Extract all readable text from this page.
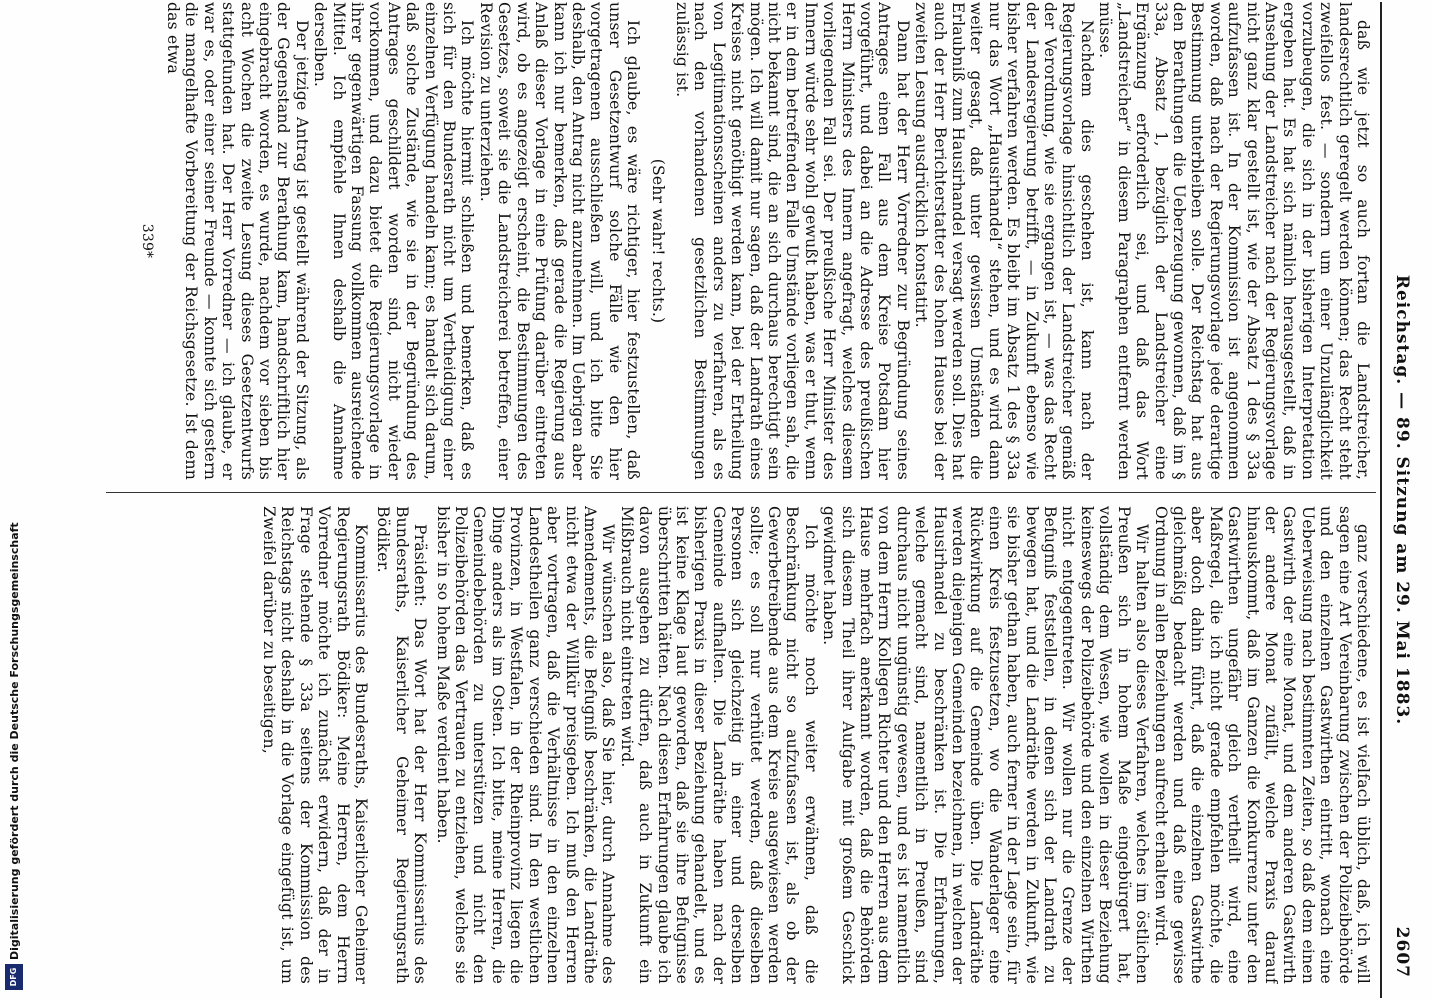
Reichstag. — 89. Sitzung am 29. Mai 1883.
2607

daß wie jetzt so auch fortan die Landstreicher, landesrechtlich geregelt werden können; das Recht steht zweifellos fest. — sondern um einer Unzulänglichkeit vorzubeugen, die sich in der bisherigen Interpretation ergeben hat. Es hat sich nämlich herausgestellt, daß in Ansehung der Landstreicher nach der Regierungsvorlage nicht ganz klar gestellt ist, wie der Absatz 1 des § 33a aufzufassen ist. In der Kommission ist angenommen worden, daß nach der Regierungsvorlage jede derartige Bestimmung unterbleiben solle. Der Reichstag hat aus den Berathungen die Ueberzeugung gewonnen, daß im § 33a, Absatz 1, bezüglich der Landstreicher eine Ergänzung erforderlich sei, und daß das Wort „Landstreicher“ in diesem Paragraphen entfernt werden müsse.

Nachdem dies geschehen ist, kann nach der Regierungsvorlage hinsichtlich der Landstreicher gemäß der Verordnung, wie sie ergangen ist, — was das Recht der Landesregierung betrifft, — in Zukunft ebenso wie bisher verfahren werden. Es bleibt im Absatz 1 des § 33a nur das Wort „Hausirhandel“ stehen, und es wird dann weiter gesagt, daß unter gewissen Umständen die Erlaubniß zum Hausirhandel versagt werden soll. Dies hat auch der Herr Berichterstatter des hohen Hauses bei der zweiten Lesung ausdrücklich konstatirt.

Dann hat der Herr Vorredner zur Begründung seines Antrages einen Fall aus dem Kreise Potsdam hier vorgeführt, und dabei an die Adresse des preußischen Herrn Ministers des Innern angefragt, welches diesem vorliegenden Fall sei. Der preußische Herr Minister des Innern würde sehr wohl gewußt haben, was er thut, wenn er in dem betreffenden Falle Umstände vorliegen sah, die nicht bekannt sind, die an sich durchaus berechtigt sein mögen. Ich will damit nur sagen, daß der Landrath eines Kreises nicht genöthigt werden kann, bei der Ertheilung von Legitimationsscheinen anders zu verfahren, als es nach den vorhandenen gesetzlichen Bestimmungen zulässig ist.

(Sehr wahr! rechts.)

Ich glaube, es wäre richtiger, hier festzustellen, daß unser Gesetzentwurf solche Fälle wie den hier vorgetragenen ausschließen will, und ich bitte Sie deshalb, den Antrag nicht anzunehmen. Im Uebrigen aber kann ich nur bemerken, daß gerade die Regierung aus Anlaß dieser Vorlage in eine Prüfung darüber eintreten wird, ob es angezeigt erscheint, die Bestimmungen des Gesetzes, soweit sie die Landstreicherei betreffen, einer Revision zu unterziehen.

Ich möchte hiermit schließen und bemerken, daß es sich für den Bundesrath nicht um Vertheidigung einer einzelnen Verfügung handeln kann; es handelt sich darum, daß solche Zustände, wie sie in der Begründung des Antrages geschildert worden sind, nicht wieder vorkommen, und dazu bietet die Regierungsvorlage in ihrer gegenwärtigen Fassung vollkommen ausreichende Mittel. Ich empfehle Ihnen deshalb die Annahme derselben.

Der jetzige Antrag ist gestellt während der Sitzung, als der Gegenstand zur Berathung kam, handschriftlich hier eingebracht worden, es wurde, nachdem vor sieben bis acht Wochen die zweite Lesung dieses Gesetzentwurfs stattgefunden hat. Der Herr Vorredner — ich glaube, er war es, oder einer seiner Freunde — konnte sich gestern die mangelhafte Vorbereitung der Reichsgesetze. Ist denn das etwa

339*

ganz verschiedene, es ist vielfach üblich, daß, ich will sagen eine Art Vereinbarung zwischen der Polizeibehörde und den einzelnen Gastwirthen eintritt, wonach eine Ueberweisung nach bestimmten Zeiten, so daß dem einen Gastwirth der eine Monat, und dem anderen Gastwirth der andere Monat zufällt, welche Praxis darauf hinauskommt, daß im Ganzen die Konkurrenz unter den Gastwirthen ungefähr gleich vertheilt wird, eine Maßregel, die ich nicht gerade empfehlen möchte, die aber doch dahin führt, daß die einzelnen Gastwirthe gleichmäßig bedacht werden und daß eine gewisse Ordnung in allen Beziehungen aufrecht erhalten wird.

Wir halten also dieses Verfahren, welches im östlichen Preußen sich in hohem Maße eingebürgert hat, vollständig dem Wesen, wie wollen in dieser Beziehung keineswegs der Polizeibehörde und den einzelnen Wirthen nicht entgegentreten. Wir wollen nur die Grenze der Befugniß feststellen, in denen sich der Landrath zu bewegen hat, und die Landräthe werden in Zukunft, wie sie bisher gethan haben, auch ferner in der Lage sein, für einen Kreis festzusetzen, wo die Wanderlager eine Rückwirkung auf die Gemeinde üben. Die Landräthe werden diejenigen Gemeinden bezeichnen, in welchen der Hausirhandel zu beschränken ist. Die Erfahrungen, welche gemacht sind, namentlich in Preußen, sind durchaus nicht ungünstig gewesen, und es ist namentlich von dem Herrn Kollegen Richter und den Herren aus dem Hause mehrfach anerkannt worden, daß die Behörden sich diesem Theil ihrer Aufgabe mit großem Geschick gewidmet haben.

Ich möchte noch weiter erwähnen, daß die Beschränkung nicht so aufzufassen ist, als ob der Gewerbetreibende aus dem Kreise ausgewiesen werden sollte; es soll nur verhütet werden, daß dieselben Personen sich gleichzeitig in einer und derselben Gemeinde aufhalten. Die Landräthe haben nach der bisherigen Praxis in dieser Beziehung gehandelt, und es ist keine Klage laut geworden, daß sie ihre Befugnisse überschritten hätten. Nach diesen Erfahrungen glaube ich davon ausgehen zu dürfen, daß auch in Zukunft ein Mißbrauch nicht eintreten wird.

Wir wünschen also, daß Sie hier, durch Annahme des Amendements, die Befugniß beschränken, die Landräthe nicht etwa der Willkür preisgeben. Ich muß den Herren aber vortragen, daß die Verhältnisse in den einzelnen Landestheilen ganz verschieden sind. In den westlichen Provinzen, in Westfalen, in der Rheinprovinz liegen die Dinge anders als im Osten. Ich bitte, meine Herren, die Gemeindebehörden zu unterstützen und nicht den Polizeibehörden das Vertrauen zu entziehen, welches sie bisher in so hohem Maße verdient haben.

Präsident: Das Wort hat der Herr Kommissarius des Bundesraths, Kaiserlicher Geheimer Regierungsrath Bödiker.

Kommissarius des Bundesraths, Kaiserlicher Geheimer Regierungsrath Bödiker: Meine Herren, dem Herrn Vorredner möchte ich zunächst erwidern, daß der in Frage stehende § 33a seitens der Kommission des Reichstags nicht deshalb in die Vorlage eingefügt ist, um Zweifel darüber zu beseitigen,

Digitalisierung gefördert durch die Deutsche Forschungsgemeinschaft
DFG
